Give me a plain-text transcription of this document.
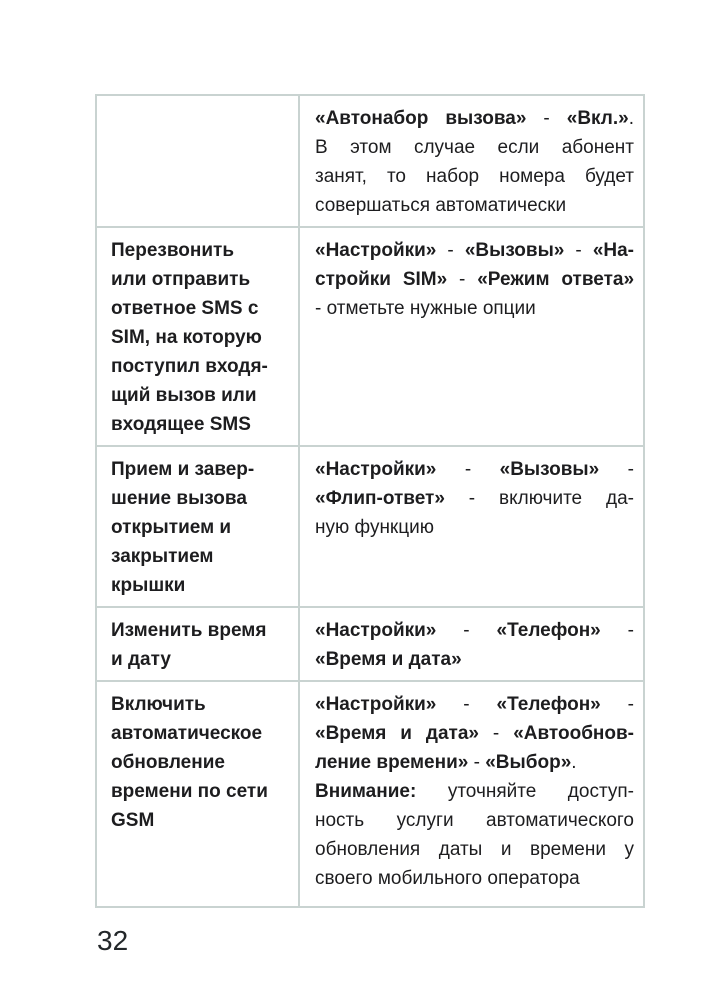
«Автонабор вызова» - «Вкл.».
В этом случае если абонент
занят, то набор номера будет
совершаться автоматически
Перезвонить
или отправить
ответное SMS с
SIM, на которую
поступил входя-
щий вызов или
входящее SMS
«Настройки» - «Вызовы» - «На-
стройки SIM» - «Режим ответа»
- отметьте нужные опции
Прием и завер-
шение вызова
открытием и
закрытием
крышки
«Настройки» - «Вызовы» -
«Флип-ответ» - включите да-
ную функцию
Изменить время
и дату
«Настройки» - «Телефон» -
«Время и дата»
Включить
автоматическое
обновление
времени по сети
GSM
«Настройки» - «Телефон» -
«Время и дата» - «Автообнов-
ление времени» - «Выбор».
Внимание: уточняйте доступ-
ность услуги автоматического
обновления даты и времени у
своего мобильного оператора
32
